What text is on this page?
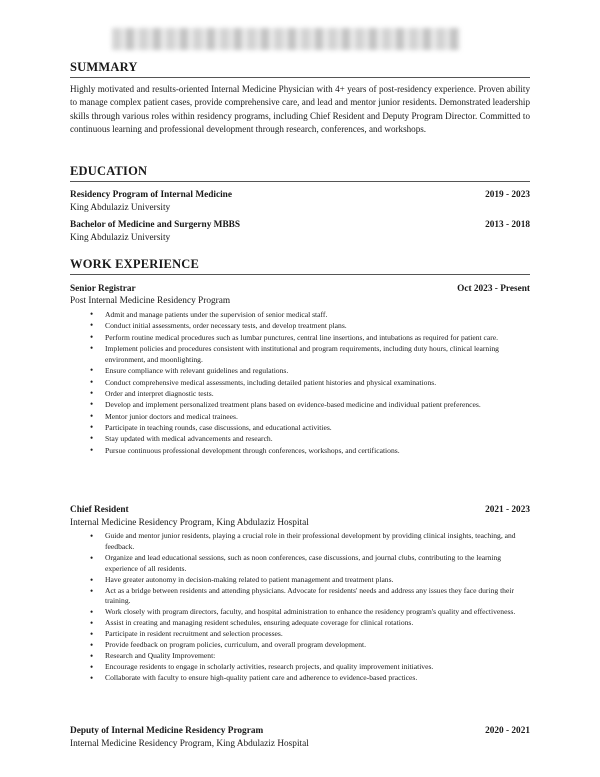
SUMMARY

Highly motivated and results-oriented Internal Medicine Physician with 4+ years of post-residency experience. Proven ability to manage complex patient cases, provide comprehensive care, and lead and mentor junior residents. Demonstrated leadership skills through various roles within residency programs, including Chief Resident and Deputy Program Director. Committed to continuous learning and professional development through research, conferences, and workshops.

EDUCATION
Residency Program of Internal Medicine	2019 - 2023
King Abdulaziz University
Bachelor of Medicine and Surgerny MBBS	2013 - 2018
King Abdulaziz University
WORK EXPERIENCE
Senior Registrar	Oct 2023 - Present
Post Internal Medicine Residency Program
• Admit and manage patients under the supervision of senior medical staff.
• Conduct initial assessments, order necessary tests, and develop treatment plans.
• Perform routine medical procedures such as lumbar punctures, central line insertions, and intubations as required for patient care.
• Implement policies and procedures consistent with institutional and program requirements, including duty hours, clinical learning environment, and moonlighting.
• Ensure compliance with relevant guidelines and regulations.
• Conduct comprehensive medical assessments, including detailed patient histories and physical examinations.
• Order and interpret diagnostic tests.
• Develop and implement personalized treatment plans based on evidence-based medicine and individual patient preferences.
• Mentor junior doctors and medical trainees.
• Participate in teaching rounds, case discussions, and educational activities.
• Stay updated with medical advancements and research.
• Pursue continuous professional development through conferences, workshops, and certifications.
Chief Resident	2021 - 2023
Internal Medicine Residency Program, King Abdulaziz Hospital
• Guide and mentor junior residents, playing a crucial role in their professional development by providing clinical insights, teaching, and feedback.
• Organize and lead educational sessions, such as noon conferences, case discussions, and journal clubs, contributing to the learning experience of all residents.
• Have greater autonomy in decision-making related to patient management and treatment plans.
• Act as a bridge between residents and attending physicians. Advocate for residents' needs and address any issues they face during their training.
• Work closely with program directors, faculty, and hospital administration to enhance the residency program's quality and effectiveness.
• Assist in creating and managing resident schedules, ensuring adequate coverage for clinical rotations.
• Participate in resident recruitment and selection processes.
• Provide feedback on program policies, curriculum, and overall program development.
• Research and Quality Improvement:
• Encourage residents to engage in scholarly activities, research projects, and quality improvement initiatives.
• Collaborate with faculty to ensure high-quality patient care and adherence to evidence-based practices.
Deputy of Internal Medicine Residency Program	2020 - 2021
Internal Medicine Residency Program, King Abdulaziz Hospital
